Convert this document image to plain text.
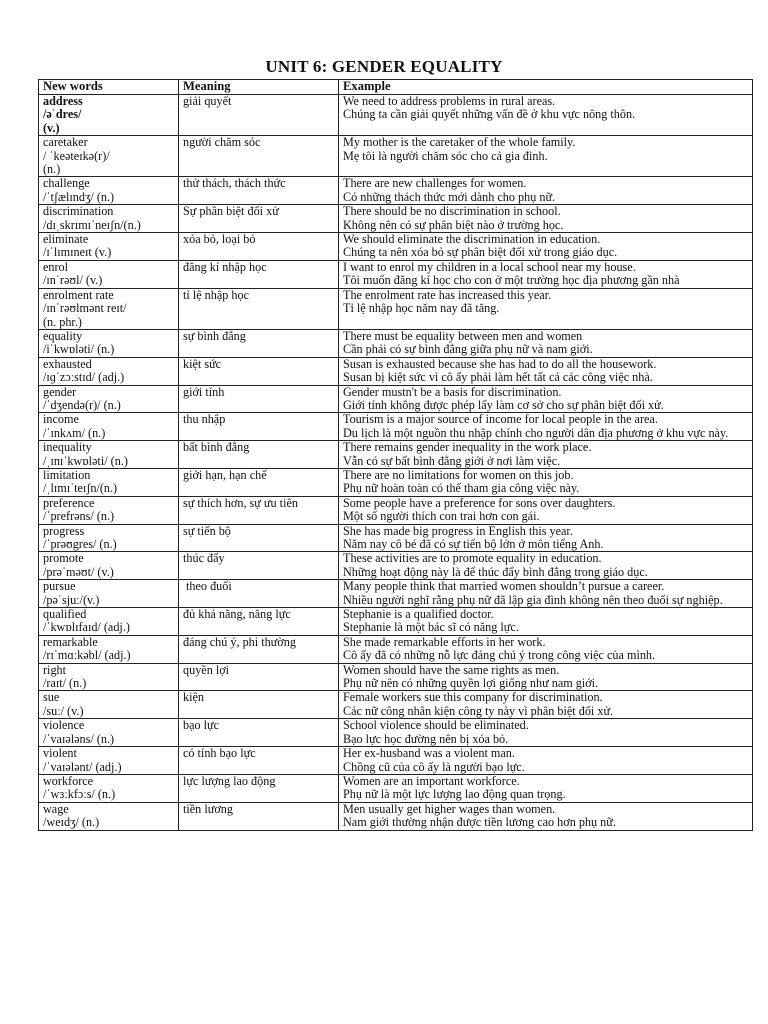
UNIT 6: GENDER EQUALITY
New words	Meaning	Example

address
/əˈdres/
(v.)	giải quyết	We need to address problems in rural areas.
Chúng ta cần giải quyết những vấn đề ở khu vực nông thôn.

caretaker
/ ˈkeəteɪkə(r)/
(n.)	người chăm sóc	My mother is the caretaker of the whole family.
Mẹ tôi là người chăm sóc cho cả gia đình.

challenge
/ˈtʃælɪndʒ/ (n.)	thử thách, thách thức	There are new challenges for women.
Có những thách thức mới dành cho phụ nữ.

discrimination
/dɪˌskrɪmɪˈneɪʃn/(n.)	Sự phân biệt đối xử	There should be no discrimination in school.
Không nên có sự phân biệt nào ở trường học.

eliminate
/ɪˈlɪmɪneɪt (v.)	xóa bỏ, loại bỏ	We should eliminate the discrimination in education.
Chúng ta nên xóa bỏ sự phân biệt đối xử trong giáo dục.

enrol
/ɪnˈrəʊl/ (v.)	đăng kí nhập học	I want to enrol my children in a local school near my house.
Tôi muốn đăng kí học cho con ở một trường học địa phương gần nhà

enrolment rate
/ɪnˈrəʊlmənt reɪt/
(n. phr.)	tỉ lệ nhập học	The enrolment rate has increased this year.
Tỉ lệ nhập học năm nay đã tăng.

equality
/iˈkwɒləti/ (n.)	sự bình đẳng	There must be equality between men and women
Cần phải có sự bình đẳng giữa phụ nữ và nam giới.

exhausted
/ɪɡˈzɔːstɪd/ (adj.)	kiệt sức	Susan is exhausted because she has had to do all the housework.
Susan bị kiệt sức vì cô ấy phải làm hết tất cả các công việc nhà.

gender
/ˈdʒendə(r)/ (n.)	giới tính	Gender mustn't be a basis for discrimination.
Giới tính không được phép lấy làm cơ sở cho sự phân biệt đối xử.

income
/ˈɪnkʌm/ (n.)	thu nhập	Tourism is a major source of income for local people in the area.
Du lịch là một nguồn thu nhập chính cho người dân địa phương ở khu vực này.

inequality
/ˌɪnɪˈkwɒləti/ (n.)	bất bình đẳng	There remains gender inequality in the work place.
Vẫn có sự bất bình đẳng giới ở nơi làm việc.

limitation
/ˌlɪmɪˈteɪʃn/(n.)	giới hạn, hạn chế	There are no limitations for women on this job.
Phụ nữ hoàn toàn có thể tham gia công việc này.

preference
/ˈprefrəns/ (n.)	sự thích hơn, sự ưu tiên	Some people have a preference for sons over daughters.
Một số người thích con trai hơn con gái.

progress
/ˈprəʊgres/ (n.)	sự tiến bộ	She has made big progress in English this year.
Năm nay cô bé đã có sự tiến bộ lớn ở môn tiếng Anh.

promote
/prəˈməʊt/ (v.)	thúc đẩy	These activities are to promote equality in education.
Những hoạt động này là để thúc đẩy bình đẳng trong giáo dục.

pursue
/pəˈsjuː/(v.)	theo đuổi	Many people think that married women shouldn’t pursue a career.
Nhiều người nghĩ rằng phụ nữ đã lập gia đình không nên theo đuổi sự nghiệp.

qualified
/ˈkwɒlɪfaɪd/ (adj.)	đủ khả năng, năng lực	Stephanie is a qualified doctor.
Stephanie là một bác sĩ có năng lực.

remarkable
/rɪˈmɑːkəbl/ (adj.)	đáng chú ý, phi thường	She made remarkable efforts in her work.
Cô ấy đã có những nỗ lực đáng chú ý trong công việc của mình.

right
/raɪt/ (n.)	quyền lợi	Women should have the same rights as men.
Phụ nữ nên có những quyền lợi giống như nam giới.

sue
/suː/ (v.)	kiện	Female workers sue this company for discrimination.
Các nữ công nhân kiện công ty này vì phân biệt đối xử.

violence
/ˈvaɪələns/ (n.)	bạo lực	School violence should be eliminated.
Bạo lực học đường nên bị xóa bỏ.

violent
/ˈvaɪələnt/ (adj.)	có tính bạo lực	Her ex-husband was a violent man.
Chồng cũ của cô ấy là người bạo lực.

workforce
/ˈwɜːkfɔːs/ (n.)	lực lượng lao động	Women are an important workforce.
Phụ nữ là một lực lượng lao động quan trọng.

wage
/weɪdʒ/ (n.)	tiền lương	Men usually get higher wages than women.
Nam giới thường nhận được tiền lương cao hơn phụ nữ.
